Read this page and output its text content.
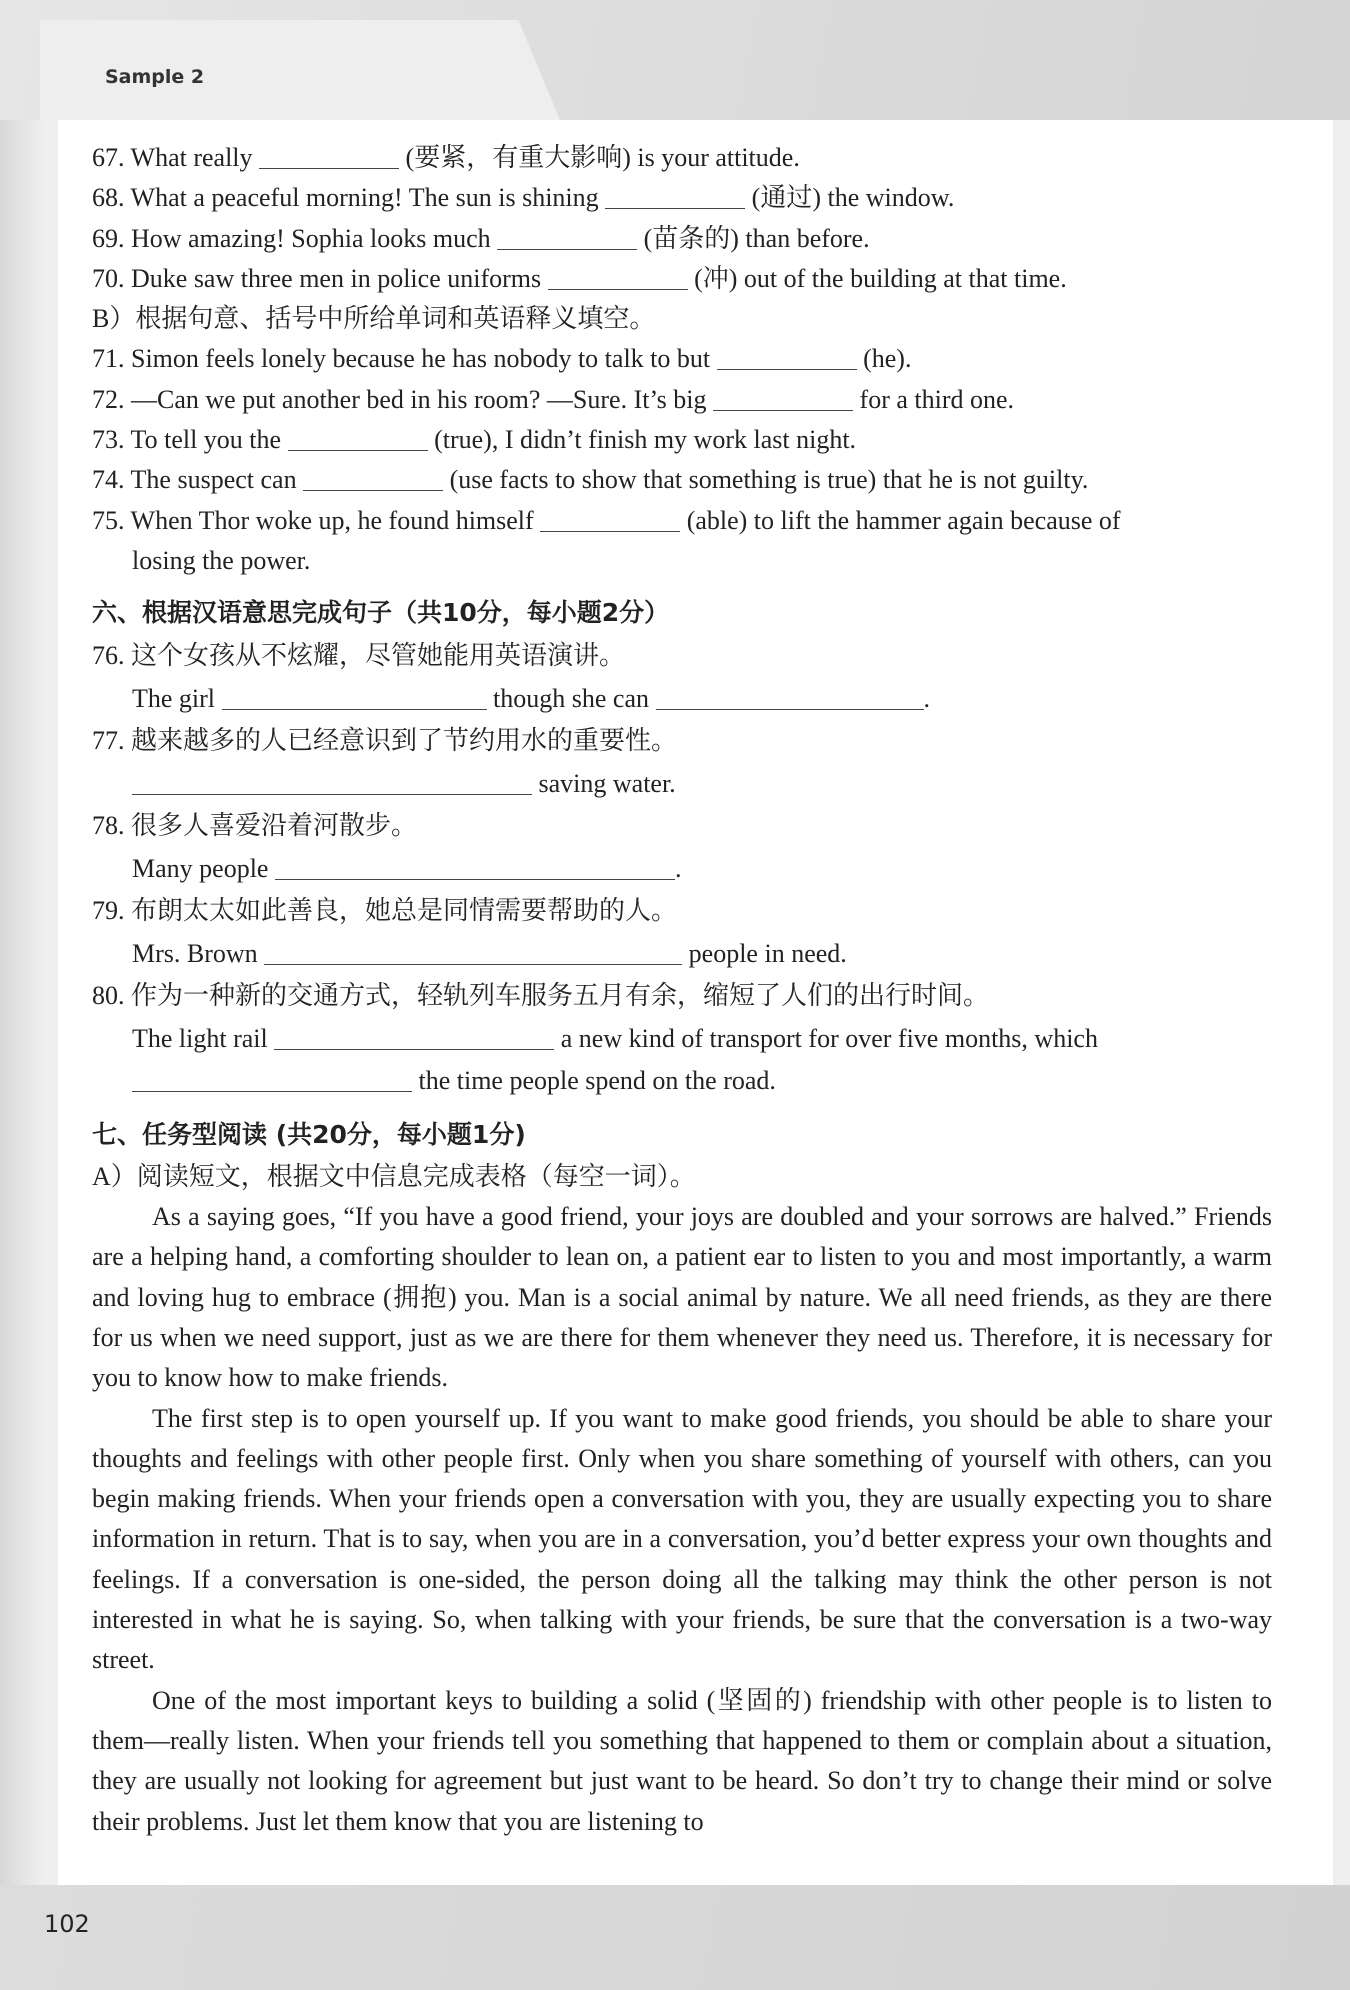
Sample 2
102
67. What really	(要紧，有重大影响) is your attitude.
68. What a peaceful morning! The sun is shining	(通过) the window.
69. How amazing! Sophia looks much	(苗条的) than before.
70. Duke saw three men in police uniforms	(冲) out of the building at that time.
B）根据句意、括号中所给单词和英语释义填空。
71. Simon feels lonely because he has nobody to talk to but	(he).
72. —Can we put another bed in his room? —Sure. It’s big	for a third one.
73. To tell you the	(true), I didn’t finish my work last night.
74. The suspect can	(use facts to show that something is true) that he is not guilty.
75. When Thor woke up, he found himself	(able) to lift the hammer again because of
losing the power.
六、根据汉语意思完成句子（共10分，每小题2分）
76. 这个女孩从不炫耀，尽管她能用英语演讲。
The girl	though she can	.
77. 越来越多的人已经意识到了节约用水的重要性。
saving water.
78. 很多人喜爱沿着河散步。
Many people	.
79. 布朗太太如此善良，她总是同情需要帮助的人。
Mrs. Brown	people in need.
80. 作为一种新的交通方式，轻轨列车服务五月有余，缩短了人们的出行时间。
The light rail	a new kind of transport for over five months, which
the time people spend on the road.
七、任务型阅读 (共20分，每小题1分)
A）阅读短文，根据文中信息完成表格（每空一词）。
As a saying goes, “If you have a good friend, your joys are doubled and your sorrows are halved.” Friends are a helping hand, a comforting shoulder to lean on, a patient ear to listen to you and most importantly, a warm and loving hug to embrace (拥抱) you. Man is a social animal by nature. We all need friends, as they are there for us when we need support, just as we are there for them whenever they need us. Therefore, it is necessary for you to know how to make friends.
The first step is to open yourself up. If you want to make good friends, you should be able to share your thoughts and feelings with other people first. Only when you share something of yourself with others, can you begin making friends. When your friends open a conversation with you, they are usually expecting you to share information in return. That is to say, when you are in a conversation, you’d better express your own thoughts and feelings. If a conversation is one-sided, the person doing all the talking may think the other person is not interested in what he is saying. So, when talking with your friends, be sure that the conversation is a two-way street.
One of the most important keys to building a solid (坚固的) friendship with other people is to listen to them—really listen. When your friends tell you something that happened to them or complain about a situation, they are usually not looking for agreement but just want to be heard. So don’t try to change their mind or solve their problems. Just let them know that you are listening to
